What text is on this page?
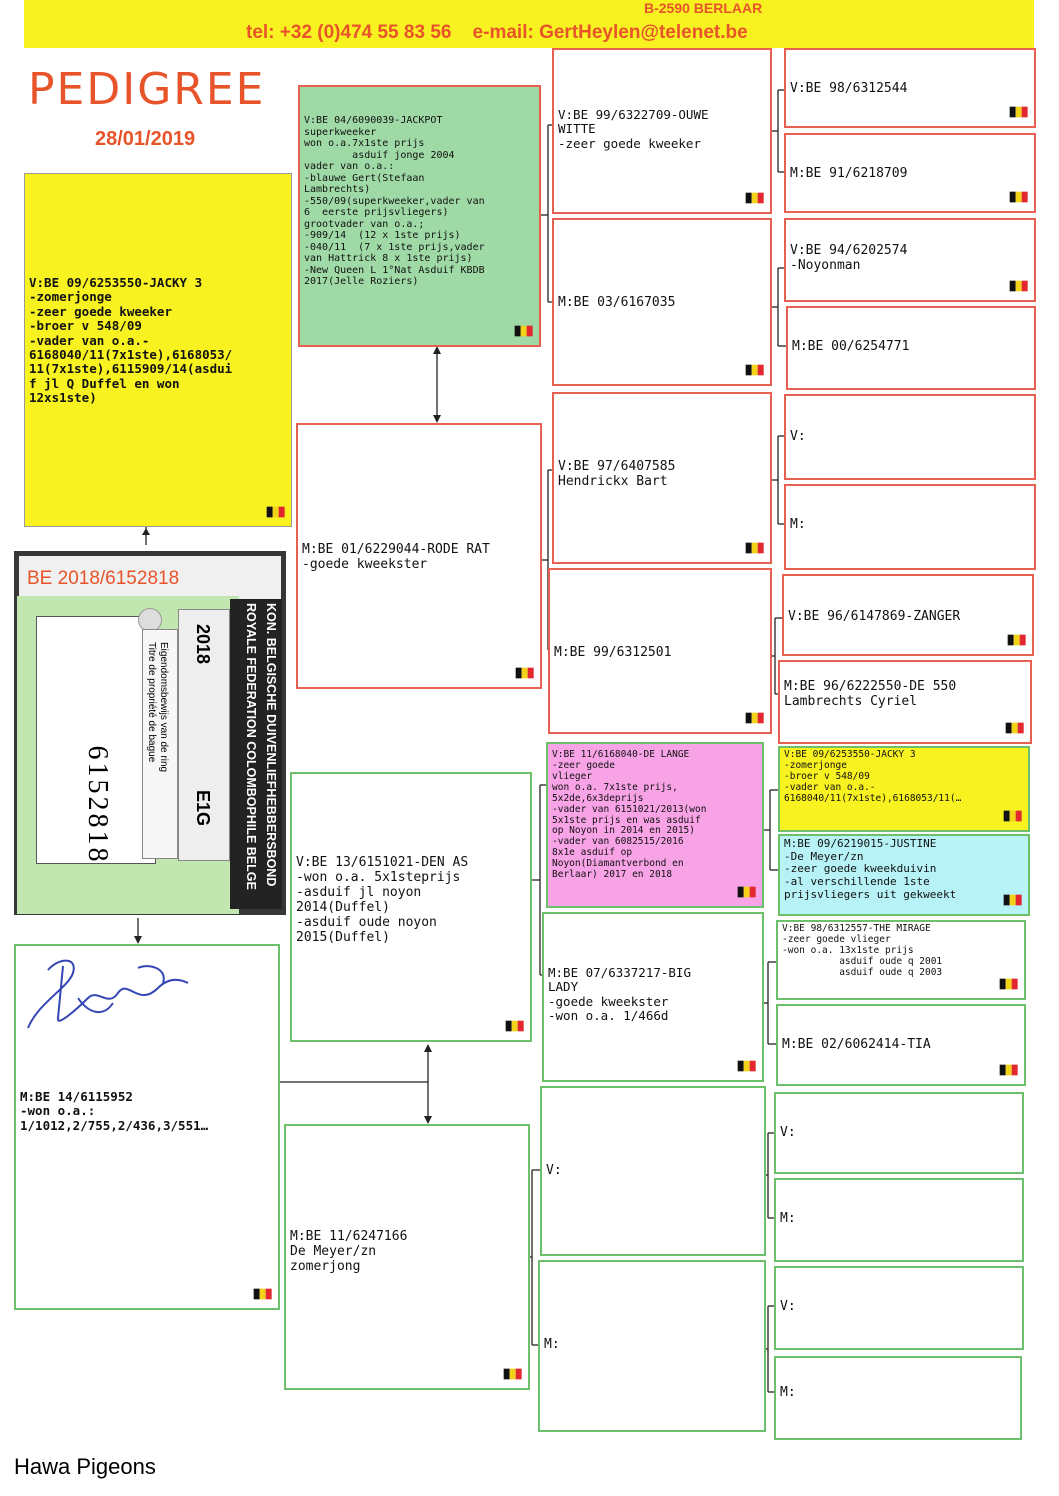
B-2590 BERLAAR
tel: +32 (0)474 55 83 56    e-mail: GertHeylen@telenet.be
PEDIGREE
28/01/2019
V:BE 09/6253550-JACKY 3
-zomerjonge
-zeer goede kweeker
-broer v 548/09
-vader van o.a.-
6168040/11(7x1ste),6168053/
11(7x1ste),6115909/14(asdui
f jl Q Duffel en won
12xs1ste)
V:BE 04/6090039-JACKPOT
superkweeker
won o.a.7x1ste prijs
asduif jonge 2004
vader van o.a.:
-blauwe Gert(Stefaan
Lambrechts)
-550/09(superkweeker,vader van
6  eerste prijsvliegers)
grootvader van o.a.;
-909/14  (12 x 1ste prijs)
-040/11  (7 x 1ste prijs,vader
van Hattrick 8 x 1ste prijs)
-New Queen L 1°Nat Asduif KBDB
2017(Jelle Roziers)
M:BE 01/6229044-RODE RAT
-goede kweekster
V:BE 99/6322709-OUWE
WITTE
-zeer goede kweeker
M:BE 03/6167035
V:BE 97/6407585
Hendrickx Bart
M:BE 99/6312501
V:BE 98/6312544
M:BE 91/6218709
V:BE 94/6202574
-Noyonman
M:BE 00/6254771
V:
M:
V:BE 96/6147869-ZANGER
M:BE 96/6222550-DE 550
Lambrechts Cyriel
M:BE 14/6115952
-won o.a.:
1/1012,2/755,2/436,3/551…
V:BE 13/6151021-DEN AS
-won o.a. 5x1steprijs
-asduif jl noyon
2014(Duffel)
-asduif oude noyon
2015(Duffel)
M:BE 11/6247166
De Meyer/zn
zomerjong
V:BE 11/6168040-DE LANGE
-zeer goede
vlieger
won o.a. 7x1ste prijs,
5x2de,6x3deprijs
-vader van 6151021/2013(won
5x1ste prijs en was asduif
op Noyon in 2014 en 2015)
-vader van 6082515/2016
8x1e asduif op
Noyon(Diamantverbond en
Berlaar) 2017 en 2018
M:BE 07/6337217-BIG
LADY
-goede kweekster
-won o.a. 1/466d
V:
M:
V:BE 09/6253550-JACKY 3
-zomerjonge
-broer v 548/09
-vader van o.a.-
6168040/11(7x1ste),6168053/11(…
M:BE 09/6219015-JUSTINE
-De Meyer/zn
-zeer goede kweekduivin
-al verschillende 1ste
prijsvliegers uit gekweekt
V:BE 98/6312557-THE MIRAGE
-zeer goede vlieger
-won o.a. 13x1ste prijs
asduif oude q 2001
asduif oude q 2003
M:BE 02/6062414-TIA
V:
M:
V:
M:
BE 2018/6152818
6152818
Eigendomsbewijs van de ring
Titre de propriété de bague 2018
E1G	KON. BELGISCHE DUIVENLIEFHEBBERSBOND
ROYALE FEDERATION COLOMBOPHILE BELGE
Hawa Pigeons
